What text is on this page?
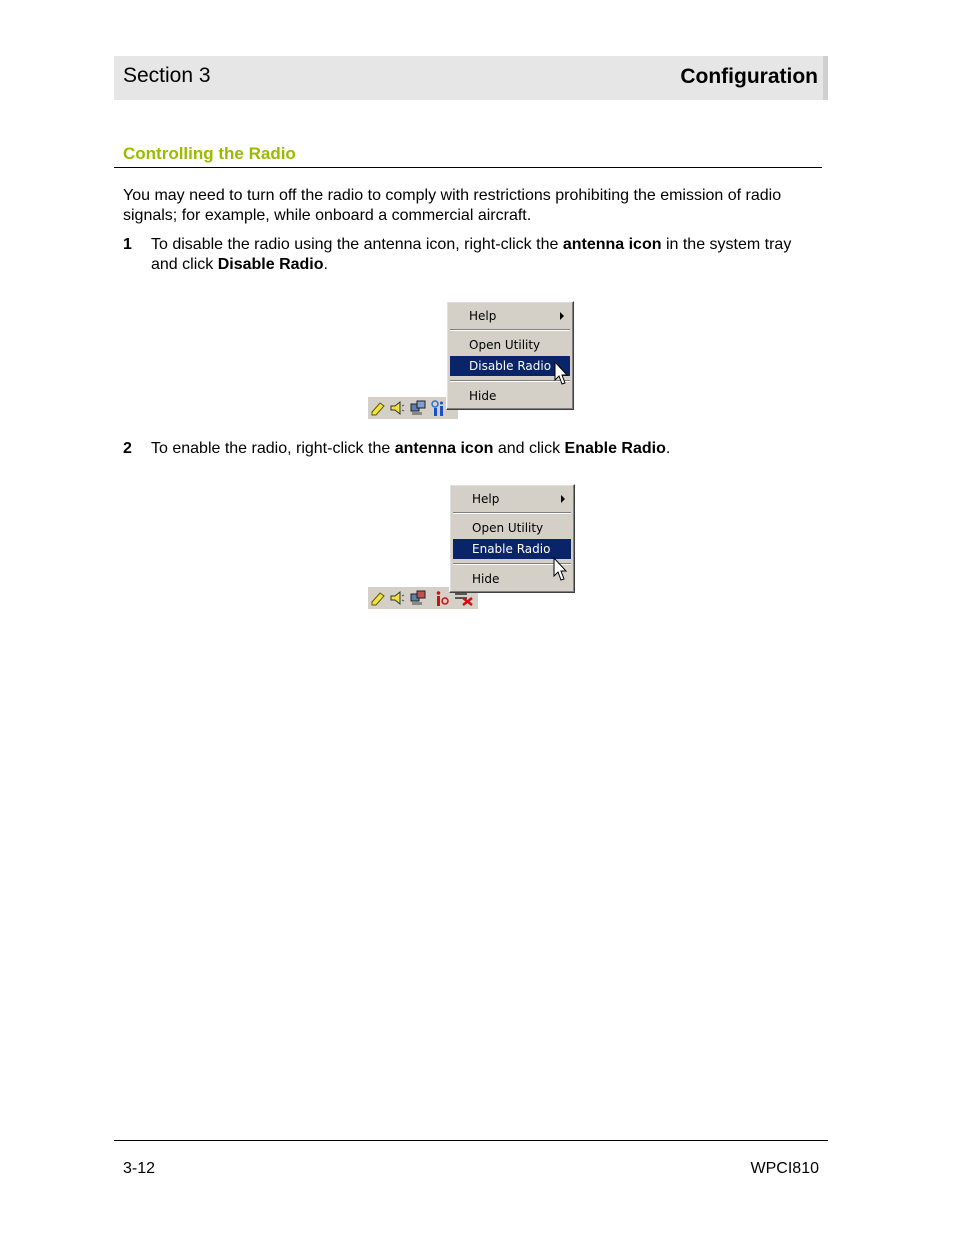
Section 3	Configuration
Controlling the Radio
You may need to turn off the radio to comply with restrictions prohibiting the emission of radio signals; for example, while onboard a commercial aircraft.
1 To disable the radio using the antenna icon, right-click the antenna icon in the system tray and click Disable Radio.
Help
Open Utility
Disable Radio
Hide
2 To enable the radio, right-click the antenna icon and click Enable Radio.
Help
Open Utility
Enable Radio
Hide
3-12	WPCI810
